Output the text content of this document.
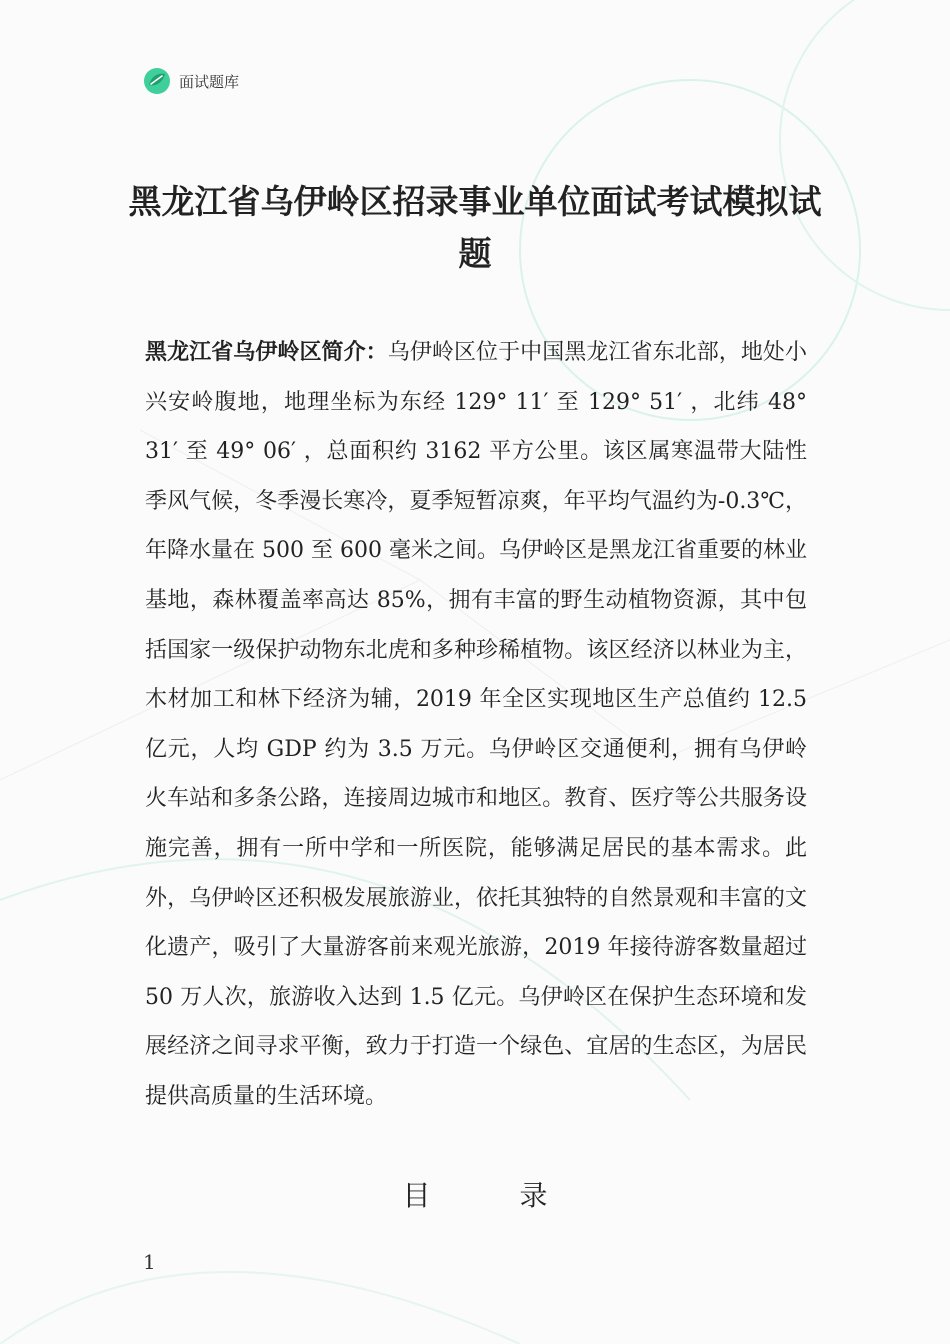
面试题库
黑龙江省乌伊岭区招录事业单位面试考试模拟试题
黑龙江省乌伊岭区简介：乌伊岭区位于中国黑龙江省东北部，地处小兴安岭腹地，地理坐标为东经 129° 11′ 至 129° 51′ ，北纬 48° 31′ 至 49° 06′ ，总面积约 3162 平方公里。该区属寒温带大陆性季风气候，冬季漫长寒冷，夏季短暂凉爽，年平均气温约为-0.3℃，年降水量在 500 至 600 毫米之间。乌伊岭区是黑龙江省重要的林业基地，森林覆盖率高达 85%，拥有丰富的野生动植物资源，其中包括国家一级保护动物东北虎和多种珍稀植物。该区经济以林业为主，木材加工和林下经济为辅，2019 年全区实现地区生产总值约 12.5 亿元，人均 GDP 约为 3.5 万元。乌伊岭区交通便利，拥有乌伊岭火车站和多条公路，连接周边城市和地区。教育、医疗等公共服务设施完善，拥有一所中学和一所医院，能够满足居民的基本需求。此外，乌伊岭区还积极发展旅游业，依托其独特的自然景观和丰富的文化遗产，吸引了大量游客前来观光旅游，2019 年接待游客数量超过 50 万人次，旅游收入达到 1.5 亿元。乌伊岭区在保护生态环境和发展经济之间寻求平衡，致力于打造一个绿色、宜居的生态区，为居民提供高质量的生活环境。
目 录
1
